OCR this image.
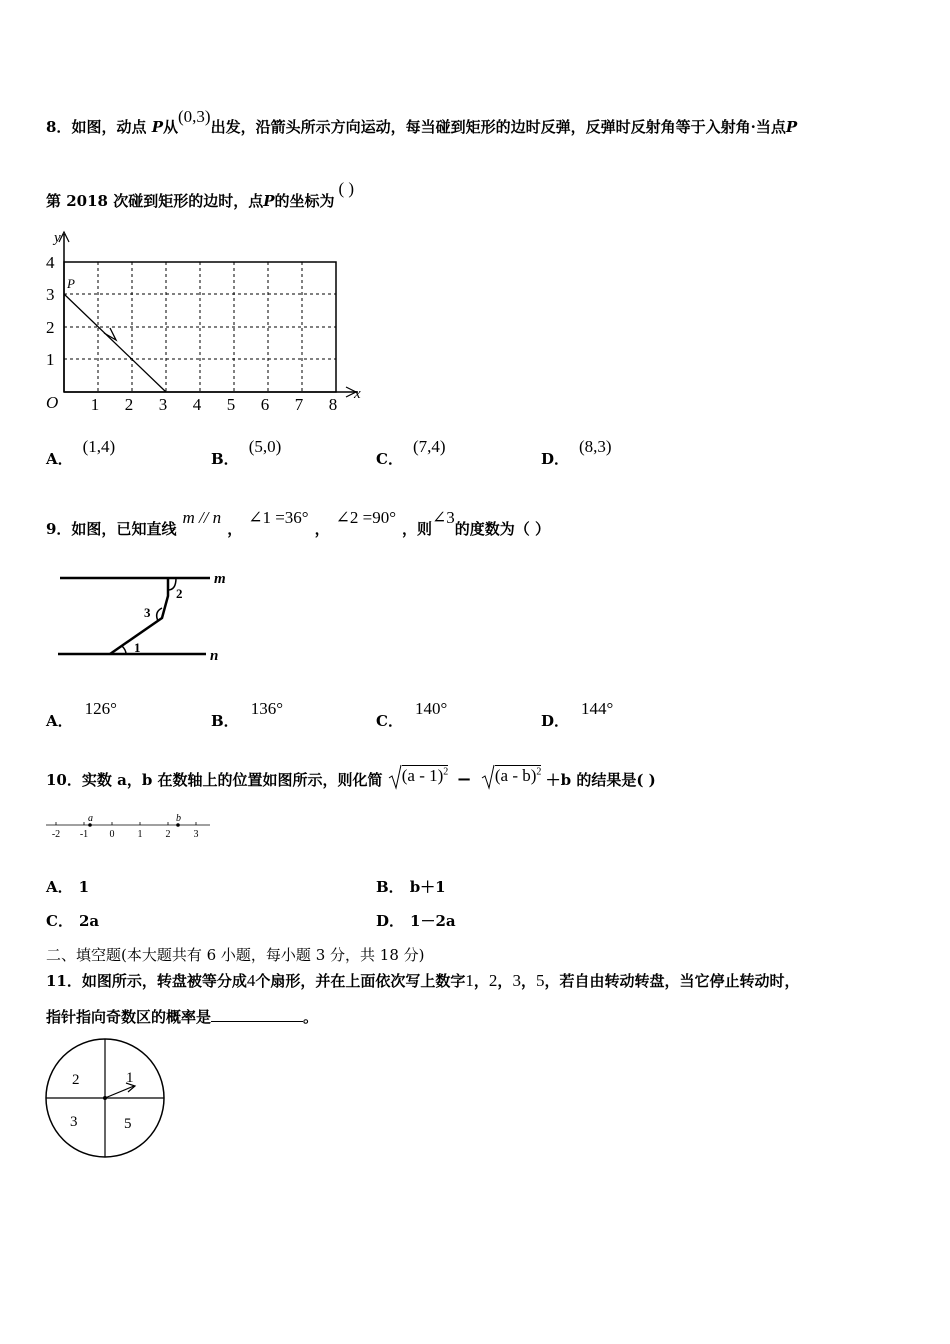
8．如图，动点 P从(0,3)出发，沿箭头所示方向运动，每当碰到矩形的边时反弹，反弹时反射角等于入射角·当点P
第 2018 次碰到矩形的边时，点P的坐标为( )
y
x
O
P
4
3
2
1
1 2 3 4 5 6 7 8
A．(1,4)
B．(5,0)
C．(7,4)
D．(8,3)
9．如图，已知直线m // n，∠1 =36°，∠2 =90°，则∠3的度数为（ ）
m
n
2
3
1
A．126°
B．136°
C．140°
D．144°
10．实数 a，b 在数轴上的位置如图所示，则化简 (a - 1)$^2$ − (a - b)$^2$ ＋b 的结果是( )
a	b
-2 -1 0 1 2 3
A． 1	B． b＋1
C． 2a	D． 1－2a
二、填空题(本大题共有 6 小题，每小题 3 分，共 18 分)
11．如图所示，转盘被等分成4个扇形，并在上面依次写上数字1，2，3，5，若自由转动转盘，当它停止转动时，
指针指向奇数区的概率是	。
2	1
3	5
